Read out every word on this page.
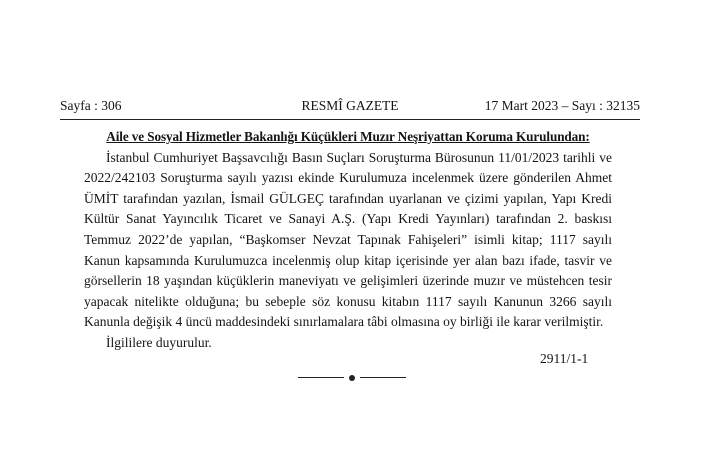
Sayfa : 306	RESMÎ GAZETE	17 Mart 2023 – Sayı : 32135
Aile ve Sosyal Hizmetler Bakanlığı Küçükleri Muzır Neşriyattan Koruma Kurulundan:
İstanbul Cumhuriyet Başsavcılığı Basın Suçları Soruşturma Bürosunun 11/01/2023 tarihli ve 2022/242103 Soruşturma sayılı yazısı ekinde Kurulumuza incelenmek üzere gönderilen Ahmet ÜMİT tarafından yazılan, İsmail GÜLGEÇ tarafından uyarlanan ve çizimi yapılan, Yapı Kredi Kültür Sanat Yayıncılık Ticaret ve Sanayi A.Ş. (Yapı Kredi Yayınları) tarafından 2. baskısı Temmuz 2022’de yapılan, “Başkomser Nevzat Tapınak Fahişeleri” isimli kitap; 1117 sayılı Kanun kapsamında Kurulumuzca incelenmiş olup kitap içerisinde yer alan bazı ifade, tasvir ve görsellerin 18 yaşından küçüklerin maneviyatı ve gelişimleri üzerinde muzır ve müstehcen tesir yapacak nitelikte olduğuna; bu sebeple söz konusu kitabın 1117 sayılı Kanunun 3266 sayılı Kanunla değişik 4 üncü maddesindeki sınırlamalara tâbi olmasına oy birliği ile karar verilmiştir.
İlgililere duyurulur.
2911/1-1
